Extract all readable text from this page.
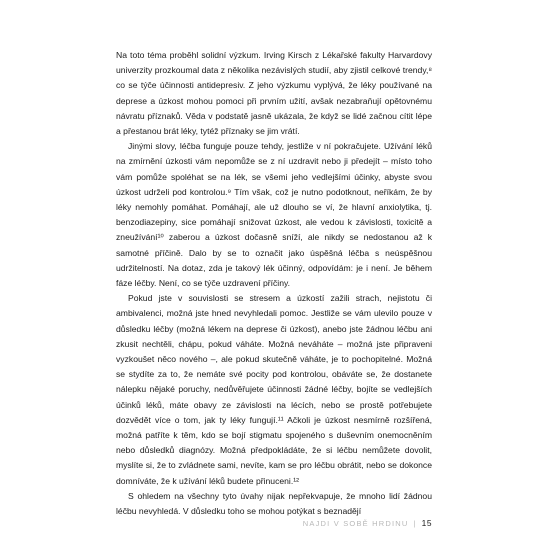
Na toto téma proběhl solidní výzkum. Irving Kirsch z Lékařské fakulty Harvardovy univerzity prozkoumal data z několika nezávislých studií, aby zjistil celkové trendy,⁸ co se týče účinnosti antidepresiv. Z jeho výzkumu vyplývá, že léky používané na deprese a úzkost mohou pomoci při prvním užití, avšak nezabraňují opětovnému návratu příznaků. Věda v podstatě jasně ukázala, že když se lidé začnou cítit lépe a přestanou brát léky, tytéž příznaky se jim vrátí.

Jinými slovy, léčba funguje pouze tehdy, jestliže v ní pokračujete. Užívání léků na zmírnění úzkosti vám nepomůže se z ní uzdravit nebo ji předejít – místo toho vám pomůže spoléhat se na lék, se všemi jeho vedlejšími účinky, abyste svou úzkost udrželi pod kontrolou.⁹ Tím však, což je nutno podotknout, neříkám, že by léky nemohly pomáhat. Pomáhají, ale už dlouho se ví, že hlavní anxiolytika, tj. benzodiazepiny, sice pomáhají snižovat úzkost, ale vedou k závislosti, toxicitě a zneužívání¹⁰ zaberou a úzkost dočasně sníží, ale nikdy se nedostanou až k samotné příčině. Dalo by se to označit jako úspěšná léčba s neúspěšnou udržitelností. Na dotaz, zda je takový lék účinný, odpovídám: je i není. Je během fáze léčby. Není, co se týče uzdravení příčiny.

Pokud jste v souvislosti se stresem a úzkostí zažili strach, nejistotu či ambivalenci, možná jste hned nevyhledali pomoc. Jestliže se vám ulevilo pouze v důsledku léčby (možná lékem na deprese či úzkost), anebo jste žádnou léčbu ani zkusit nechtěli, chápu, pokud váháte. Možná neváháte – možná jste připraveni vyzkoušet něco nového –, ale pokud skutečně váháte, je to pochopitelné. Možná se stydíte za to, že nemáte své pocity pod kontrolou, obáváte se, že dostanete nálepku nějaké poruchy, nedůvěřujete účinnosti žádné léčby, bojíte se vedlejších účinků léků, máte obavy ze závislosti na lécích, nebo se prostě potřebujete dozvědět více o tom, jak ty léky fungují.¹¹ Ačkoli je úzkost nesmírně rozšířená, možná patříte k těm, kdo se bojí stigmatu spojeného s duševním onemocněním nebo důsledků diagnózy. Možná předpokládáte, že si léčbu nemůžete dovolit, myslíte si, že to zvládnete sami, nevíte, kam se pro léčbu obrátit, nebo se dokonce domníváte, že k užívání léků budete přinuceni.¹²

S ohledem na všechny tyto úvahy nijak nepřekvapuje, že mnoho lidí žádnou léčbu nevyhledá. V důsledku toho se mohou potýkat s beznadějí

NAJDI V SOBĚ HRDINU | 15
